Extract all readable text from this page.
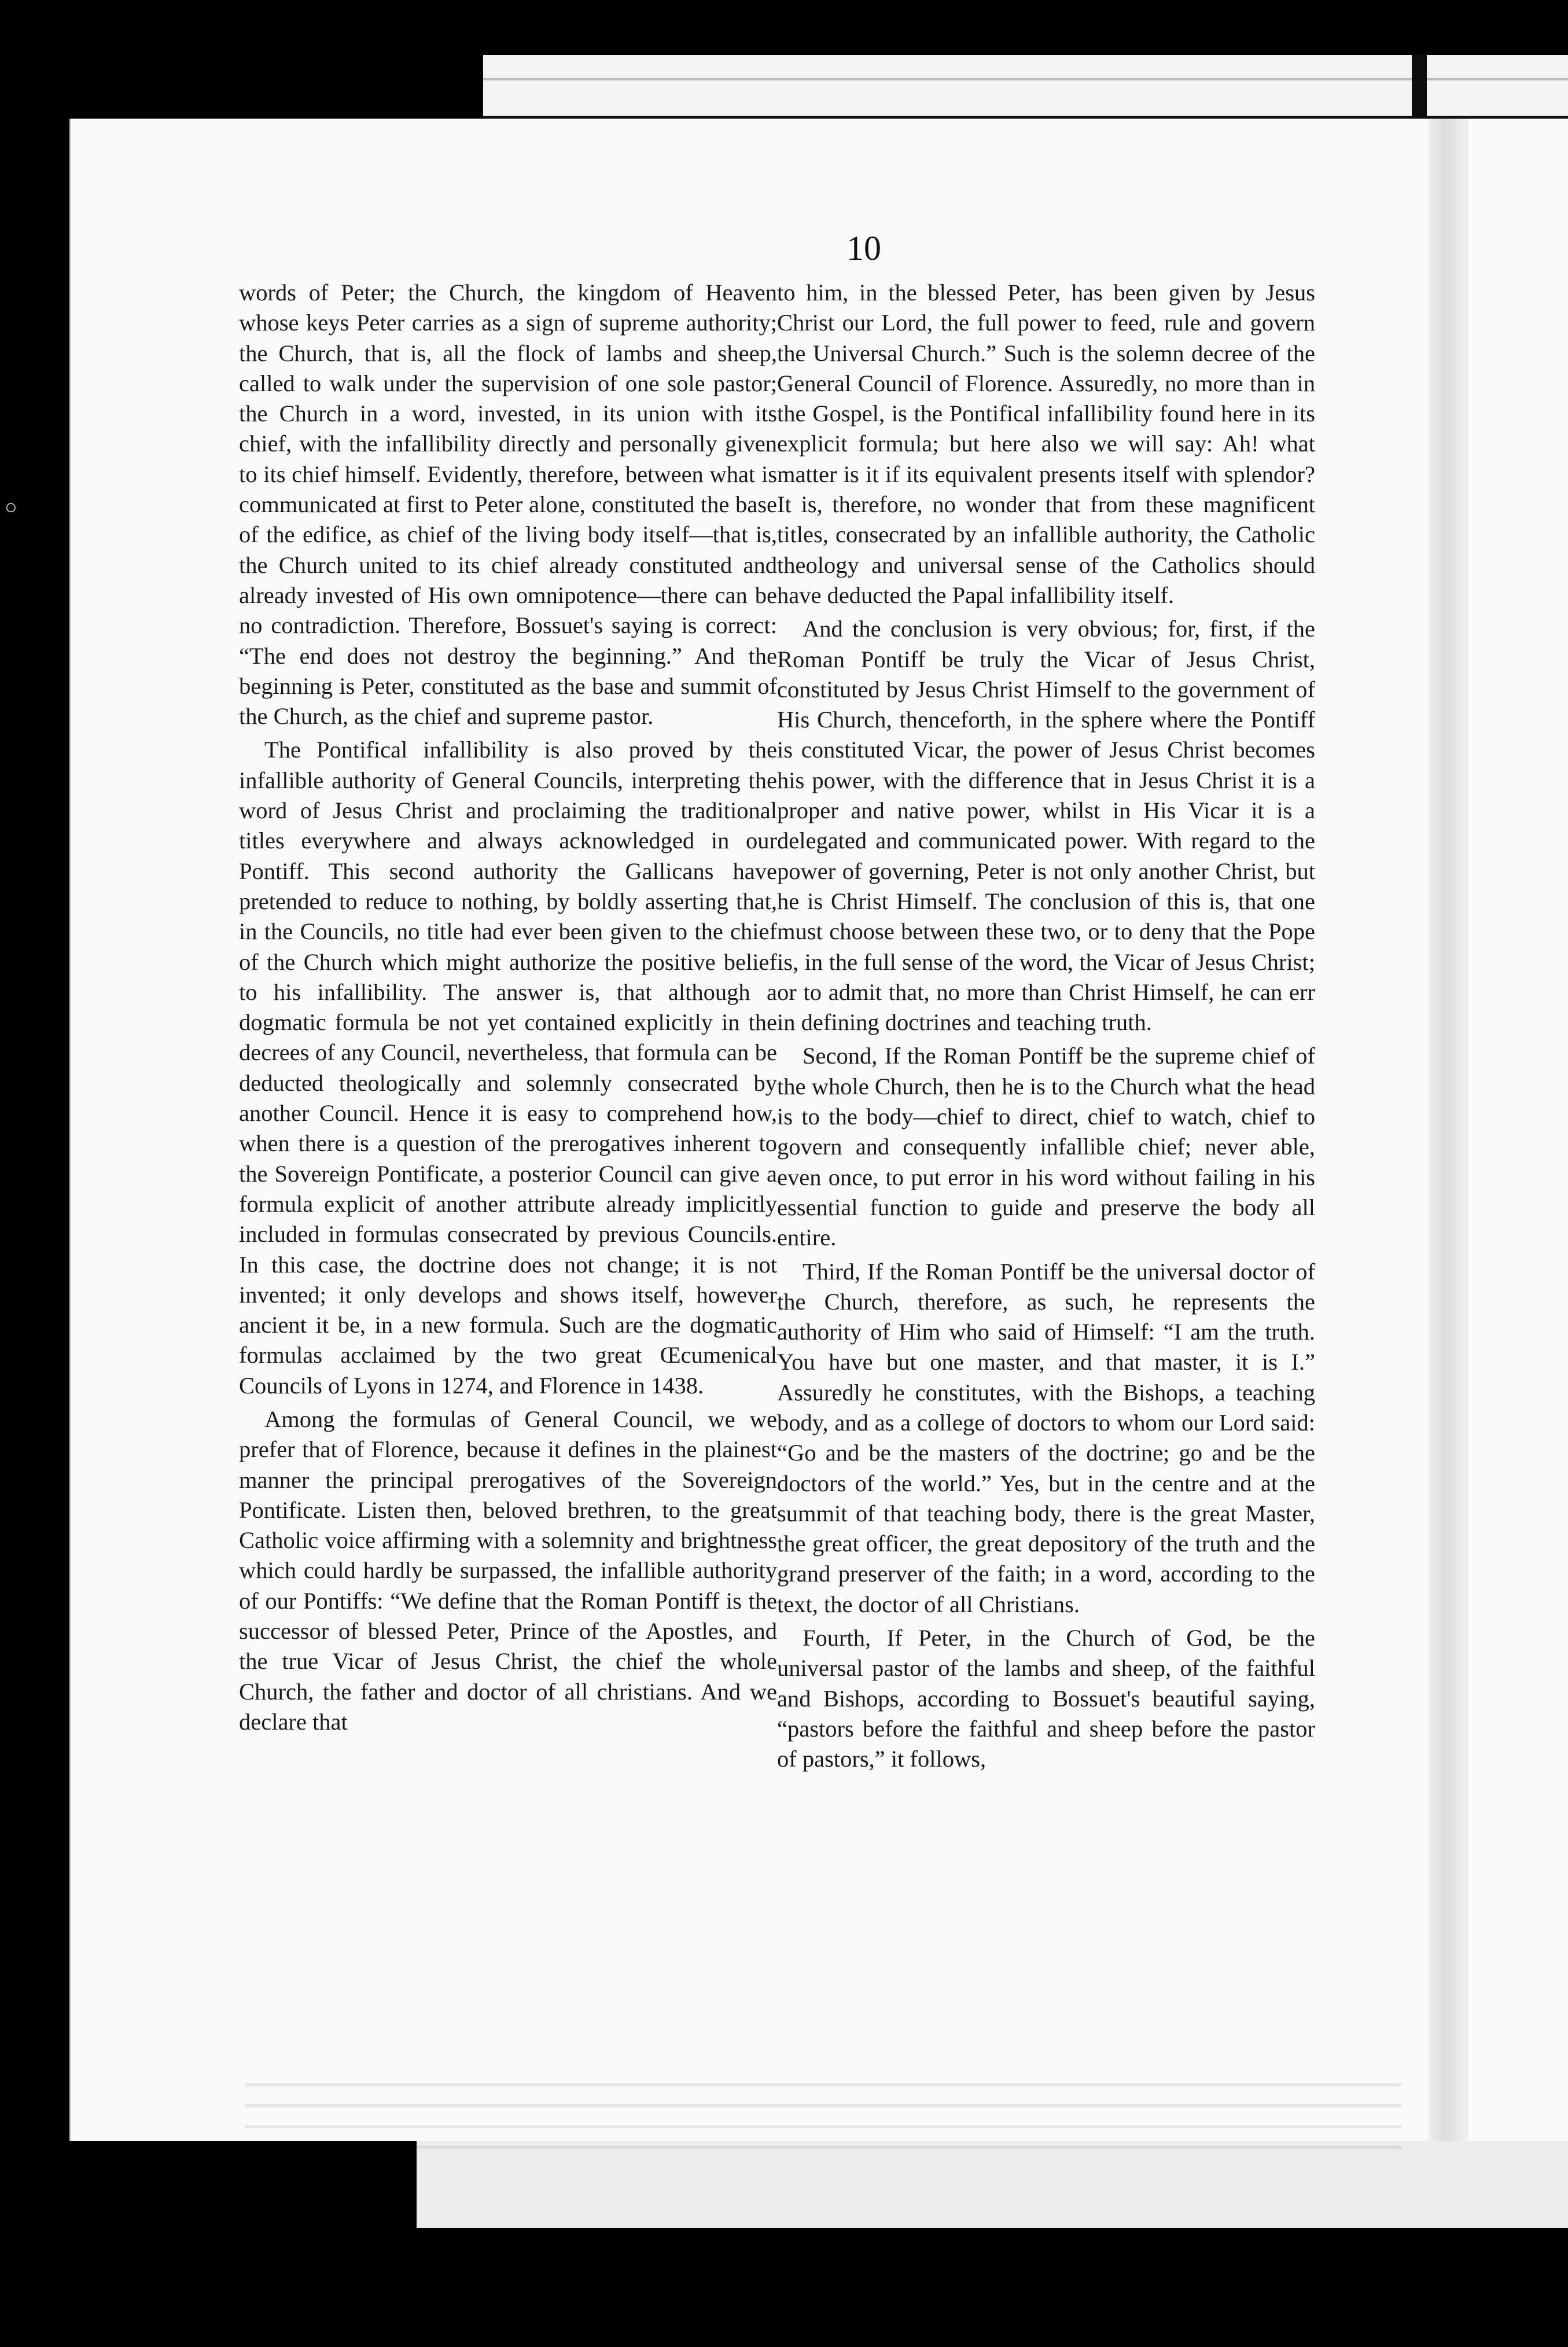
○
10

words of Peter; the Church, the kingdom of Heaven whose keys Peter carries as a sign of supreme authority; the Church, that is, all the flock of lambs and sheep, called to walk under the supervision of one sole pastor; the Church in a word, invested, in its union with its chief, with the infallibility directly and personally given to its chief himself. Evidently, therefore, between what is communicated at first to Peter alone, constituted the base of the edifice, as chief of the living body itself—that is, the Church united to its chief already constituted and already invested of His own omnipotence—there can be no contradiction. Therefore, Bossuet's saying is correct: “The end does not destroy the beginning.” And the beginning is Peter, constituted as the base and summit of the Church, as the chief and supreme pastor.

The Pontifical infallibility is also proved by the infallible authority of General Councils, interpreting the word of Jesus Christ and proclaiming the traditional titles everywhere and always acknowledged in our Pontiff. This second authority the Gallicans have pretended to reduce to nothing, by boldly asserting that, in the Councils, no title had ever been given to the chief of the Church which might authorize the positive belief to his infallibility. The answer is, that although a dogmatic formula be not yet contained explicitly in the decrees of any Council, nevertheless, that formula can be deducted theologically and solemnly consecrated by another Council. Hence it is easy to comprehend how, when there is a question of the prerogatives inherent to the Sovereign Pontificate, a posterior Council can give a formula explicit of another attribute already implicitly included in formulas consecrated by previous Councils. In this case, the doctrine does not change; it is not invented; it only develops and shows itself, however ancient it be, in a new formula. Such are the dogmatic formulas acclaimed by the two great Œcumenical Councils of Lyons in 1274, and Florence in 1438.

Among the formulas of General Council, we we prefer that of Florence, because it defines in the plainest manner the principal prerogatives of the Sovereign Pontificate. Listen then, beloved brethren, to the great Catholic voice affirming with a solemnity and brightness which could hardly be surpassed, the infallible authority of our Pontiffs: “We define that the Roman Pontiff is the successor of blessed Peter, Prince of the Apostles, and the true Vicar of Jesus Christ, the chief the whole Church, the father and doctor of all christians. And we declare that

to him, in the blessed Peter, has been given by Jesus Christ our Lord, the full power to feed, rule and govern the Universal Church.” Such is the solemn decree of the General Council of Florence. Assuredly, no more than in the Gospel, is the Pontifical infallibility found here in its explicit formula; but here also we will say: Ah! what matter is it if its equivalent presents itself with splendor? It is, therefore, no wonder that from these magnificent titles, consecrated by an infallible authority, the Catholic theology and universal sense of the Catholics should have deducted the Papal infallibility itself.

And the conclusion is very obvious; for, first, if the Roman Pontiff be truly the Vicar of Jesus Christ, constituted by Jesus Christ Himself to the government of His Church, thenceforth, in the sphere where the Pontiff is constituted Vicar, the power of Jesus Christ becomes his power, with the difference that in Jesus Christ it is a proper and native power, whilst in His Vicar it is a delegated and communicated power. With regard to the power of governing, Peter is not only another Christ, but he is Christ Himself. The conclusion of this is, that one must choose between these two, or to deny that the Pope is, in the full sense of the word, the Vicar of Jesus Christ; or to admit that, no more than Christ Himself, he can err in defining doctrines and teaching truth.

Second, If the Roman Pontiff be the supreme chief of the whole Church, then he is to the Church what the head is to the body—chief to direct, chief to watch, chief to govern and consequently infallible chief; never able, even once, to put error in his word without failing in his essential function to guide and preserve the body all entire.

Third, If the Roman Pontiff be the universal doctor of the Church, therefore, as such, he represents the authority of Him who said of Himself: “I am the truth. You have but one master, and that master, it is I.” Assuredly he constitutes, with the Bishops, a teaching body, and as a college of doctors to whom our Lord said: “Go and be the masters of the doctrine; go and be the doctors of the world.” Yes, but in the centre and at the summit of that teaching body, there is the great Master, the great officer, the great depository of the truth and the grand preserver of the faith; in a word, according to the text, the doctor of all Christians.

Fourth, If Peter, in the Church of God, be the universal pastor of the lambs and sheep, of the faithful and Bishops, according to Bossuet's beautiful saying, “pastors before the faithful and sheep before the pastor of pastors,” it follows,
